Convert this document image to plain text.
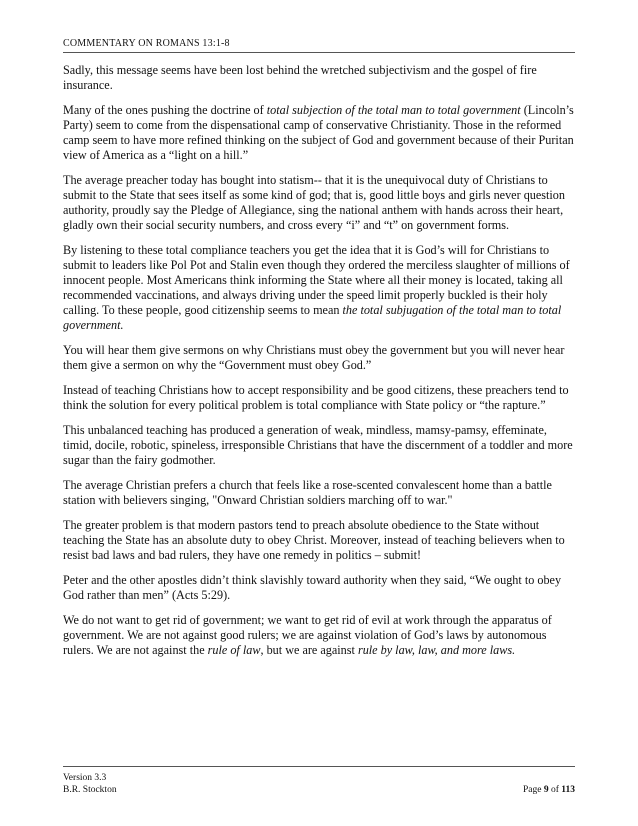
COMMENTARY ON ROMANS 13:1-8

Sadly, this message seems have been lost behind the wretched subjectivism and the gospel of fire insurance.

Many of the ones pushing the doctrine of total subjection of the total man to total government (Lincoln’s Party) seem to come from the dispensational camp of conservative Christianity. Those in the reformed camp seem to have more refined thinking on the subject of God and government because of their Puritan view of America as a “light on a hill.”

The average preacher today has bought into statism-- that it is the unequivocal duty of Christians to submit to the State that sees itself as some kind of god; that is, good little boys and girls never question authority, proudly say the Pledge of Allegiance, sing the national anthem with hands across their heart, gladly own their social security numbers, and cross every “i” and “t” on government forms.

By listening to these total compliance teachers you get the idea that it is God’s will for Christians to submit to leaders like Pol Pot and Stalin even though they ordered the merciless slaughter of millions of innocent people. Most Americans think informing the State where all their money is located, taking all recommended vaccinations, and always driving under the speed limit properly buckled is their holy calling. To these people, good citizenship seems to mean the total subjugation of the total man to total government.

You will hear them give sermons on why Christians must obey the government but you will never hear them give a sermon on why the “Government must obey God.”

Instead of teaching Christians how to accept responsibility and be good citizens, these preachers tend to think the solution for every political problem is total compliance with State policy or “the rapture.”

This unbalanced teaching has produced a generation of weak, mindless, mamsy-pamsy, effeminate, timid, docile, robotic, spineless, irresponsible Christians that have the discernment of a toddler and more sugar than the fairy godmother.

The average Christian prefers a church that feels like a rose-scented convalescent home than a battle station with believers singing, "Onward Christian soldiers marching off to war."

The greater problem is that modern pastors tend to preach absolute obedience to the State without teaching the State has an absolute duty to obey Christ. Moreover, instead of teaching believers when to resist bad laws and bad rulers, they have one remedy in politics – submit!

Peter and the other apostles didn’t think slavishly toward authority when they said, “We ought to obey God rather than men” (Acts 5:29).

We do not want to get rid of government; we want to get rid of evil at work through the apparatus of government. We are not against good rulers; we are against violation of God’s laws by autonomous rulers. We are not against the rule of law, but we are against rule by law, law, and more laws.

Version 3.3
B.R. Stockton	Page 9 of 113
